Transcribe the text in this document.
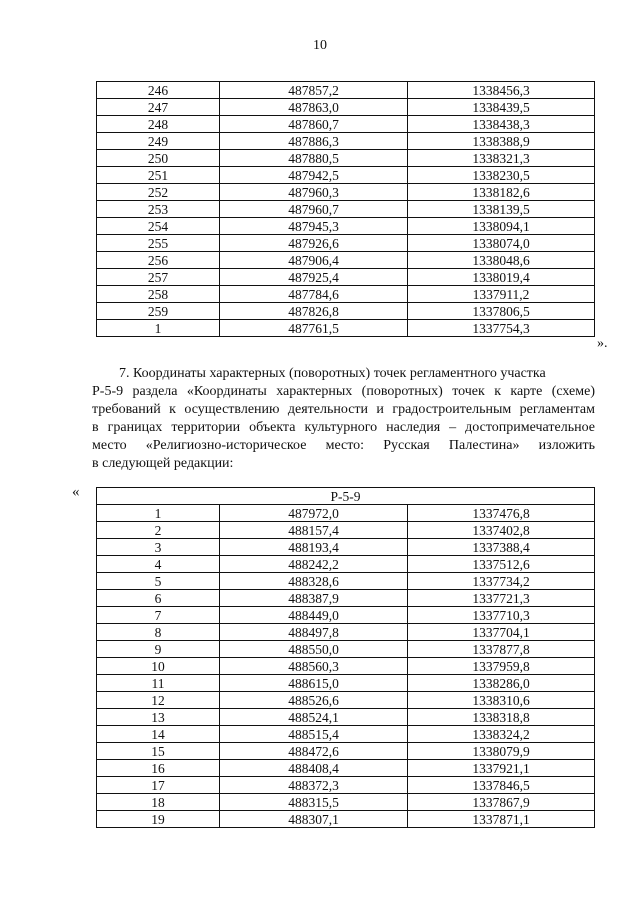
10
246	487857,2	1338456,3
247	487863,0	1338439,5
248	487860,7	1338438,3
249	487886,3	1338388,9
250	487880,5	1338321,3
251	487942,5	1338230,5
252	487960,3	1338182,6
253	487960,7	1338139,5
254	487945,3	1338094,1
255	487926,6	1338074,0
256	487906,4	1338048,6
257	487925,4	1338019,4
258	487784,6	1337911,2
259	487826,8	1337806,5
1	487761,5	1337754,3
».

7. Координаты характерных (поворотных) точек регламентного участка

Р-5-9 раздела «Координаты характерных (поворотных) точек к карте (схеме)

требований к осуществлению деятельности и градостроительным регламентам

в границах территории объекта культурного наследия – достопримечательное

место «Религиозно-историческое место: Русская Палестина» изложить

в следующей редакции:

«	Р-5-9		
1	487972,0	1337476,8
2	488157,4	1337402,8
3	488193,4	1337388,4
4	488242,2	1337512,6
5	488328,6	1337734,2
6	488387,9	1337721,3
7	488449,0	1337710,3
8	488497,8	1337704,1
9	488550,0	1337877,8
10	488560,3	1337959,8
11	488615,0	1338286,0
12	488526,6	1338310,6
13	488524,1	1338318,8
14	488515,4	1338324,2
15	488472,6	1338079,9
16	488408,4	1337921,1
17	488372,3	1337846,5
18	488315,5	1337867,9
19	488307,1	1337871,1
